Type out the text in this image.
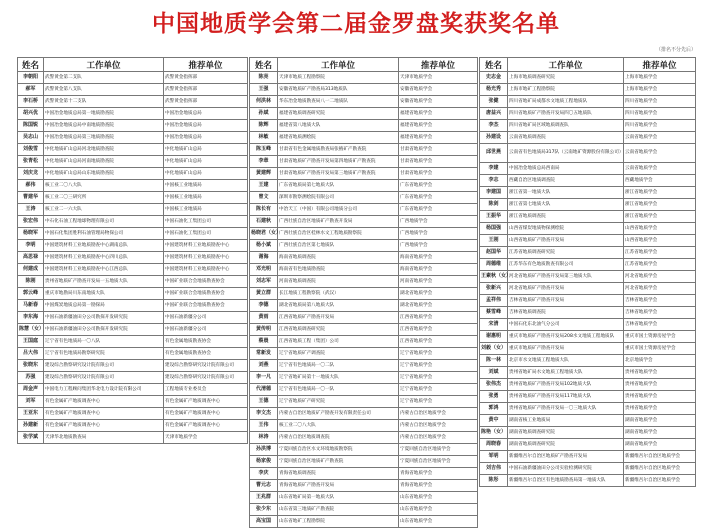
中国地质学会第二届金罗盘奖获奖名单
（排名不分先后）
姓名	工作单位	推荐单位
李朝阳	武警黄金第二支队	武警黄金指挥部
郝军	武警黄金第八支队	武警黄金指挥部
李石桥	武警黄金第十二支队	武警黄金指挥部
胡兴优	中国冶金地质总局第一地质勘查院	中国冶金地质总局
陈国锐	中国冶金地质总局中南地质勘查院	中国冶金地质总局
吴志山	中国冶金地质总局第三地质勘查院	中国冶金地质总局
刘俊雪	中化地质矿山总局河北地质勘查院	中化地质矿山总局
张青松	中化地质矿山总局河南地质勘查院	中化地质矿山总局
刘庆龙	中化地质矿山总局山东地质勘查院	中化地质矿山总局
郝伟	核工业二〇八大队	中国核工业地质局
曹建华	核工业二〇三研究所	中国核工业地质局
王涛	核工业二一六大队	中国核工业地质局
张宏伟	中石化石油工程地球物理有限公司	中国石油化工集团公司
杨晓军	中国石化集团胜利石油管理局物探公司	中国石油化工集团公司
李明	中国建筑材料工业地质勘查中心湖南总队	中国建筑材料工业地质勘查中心
高思禄	中国建筑材料工业地质勘查中心四川总队	中国建筑材料工业地质勘查中心
何建成	中国建筑材料工业地质勘查中心江西总队	中国建筑材料工业地质勘查中心
陈刚	贵州省地质矿产勘查开发局一五地质大队	中国矿业联合会地质勘查协会
郭云峰	重庆市地勘局川东南地质大队	中国矿业联合会地质勘查协会
马新春	中国煤炭地质总局第一勘探局	中国矿业联合会地质勘查协会
李东海	中国石油新疆油田分公司勘探开发研究院	中国石油新疆分公司
陈慧（女）	中国石油新疆油田分公司勘探开发研究院	中国石油新疆分公司
王国庭	辽宁省有色地质局一〇八队	有色金属地质勘查协会
吕大伟	辽宁省有色地质局勘察研究院	有色金属地质勘查协会
张晓东	建设综合勘察研究设计院有限公司	建设综合勘察研究设计院有限公司
苏强	建设综合勘察研究设计院有限公司	建设综合勘察研究设计院有限公司
周金声	中国电力工程顾问集团华北电力设计院有限公司	工程地质专业委员会
刘军	有色金属矿产地质调查中心	有色金属矿产地质调查中心
王亚东	有色金属矿产地质调查中心	有色金属矿产地质调查中心
孙建新	有色金属矿产地质调查中心	有色金属矿产地质调查中心
张学斌	天津华北地质勘查局	天津市地质学会
姓名	工作单位	推荐单位
陈亮	天津市地质工程勘察院	天津市地质学会
王强	安徽省地质矿产勘查局313地质队	安徽省地质学会
何洪林	华东冶金地质勘查局八一二地质队	安徽省地质学会
孙斌	福建省地质调查研究院	福建省地质学会
陈辉	福建省第八地质大队	福建省地质学会
林敏	福建省地质测绘院	福建省地质学会
陈玉峰	甘肃省有色金属地质勘查局张掖矿产勘查院	甘肃省地质学会
李章	甘肃省地质矿产勘查开发局第四地质矿产勘查院	甘肃省地质学会
黄建辉	甘肃省地质矿产勘查开发局第三地质矿产勘查院	甘肃省地质学会
王建	广东省地质局第七地质大队	广东省地质学会
曾文	深圳市勘察测绘院有限公司	广东省地质学会
陈长有	中冶天工（中国）有限公司地质分公司	广东省地质学会
石建秋	广西壮族自治区地质矿产勘查开发局	广西地质学会
杨晓君（女）	广西壮族自治区桂林水文工程地质勘察院	广西地质学会
杨小斌	广西壮族自治区第七地质队	广西地质学会
谢海	海南省地质调查院	海南省地质学会
邓光明	海南省有色地质勘查院	海南省地质学会
刘志军	河南省地质调查院	河南省地质学会
黄立群	长江地质工程勘察院（武汉）	湖北省地质学会
李德	湖北省地质局第八地质大队	湖北省地质学会
黄雨	江西省地质矿产勘查开发局	江西省地质学会
黄传明	江西省地质调查研究院	江西省地质学会
蔡晨	江西省地质工程（集团）公司	江西省地质学会
常新发	辽宁省地质矿产调查院	辽宁省地质学会
刘燕	辽宁省有色地质局一〇二队	辽宁省地质学会
李一凡	辽宁省地矿局第十一地质大队	辽宁省地质学会
代清德	辽宁省有色地质局一〇一队	辽宁省地质学会
王德	辽宁省地质矿产研究院	辽宁省地质学会
李文杰	内蒙古自治区地质矿产勘查开发有限责任公司	内蒙古自治区地质学会
王伟	核工业二〇八大队	内蒙古自治区地质学会
林涛	内蒙古自治区地质调查院	内蒙古自治区地质学会
孙洪博	宁夏回族自治区水文环境地质勘察院	宁夏回族自治区地质学会
杨家俊	宁夏回族自治区地质矿产勘查院	宁夏回族自治区地质学会
李庆	青海省地质调查院	青海省地质学会
曹元志	青海省地质矿产勘查开发局	青海省地质学会
王兆群	山东省地矿局第一地质大队	山东省地质学会
张少东	山东省第三地质矿产勘查院	山东省地质学会
高宝国	山东省地矿工程勘察院	山东省地质学会
姓名	工作单位	推荐单位
史志金	上海市地质调查研究院	上海市地质学会
杨光秀	上海市地矿工程勘察院	上海市地质学会
张健	四川省地矿局成都水文地质工程地质队	四川省地质学会
唐益兴	四川省地质矿产勘查开发局四〇五地质队	四川省地质学会
李杰	四川省地矿局区域地质调查队	四川省地质学会
孙建设	云南省地质调查院	云南省地质学会
邱世燕	云南省有色地质局317队（云南地矿资源股份有限公司）	云南省地质学会
李建	中国冶金地质总局西南局	云南省地质学会
李志	西藏自治区地质调查院	西藏地质学会
李建国	浙江省第一地质大队	浙江省地质学会
陈剑	浙江省第七地质大队	浙江省地质学会
王振华	浙江省地质调查院	浙江省地质学会
杨国强	山西省煤炭地质物探测绘院	山西省地质学会
王刚	山西省地质矿产勘查开发局	山西省地质学会
赵国华	江苏省地质调查研究院	江苏省地质学会
周德维	江苏华东有色地质勘查有限公司	江苏省地质学会
王素秋（女）	河北省地质矿产勘查开发局第三地质大队	河北省地质学会
张新兴	河北省地质矿产勘查开发局	河北省地质学会
孟祥伟	吉林省地质矿产勘查开发局	吉林省地质学会
蔡雪峰	吉林省地质调查院	吉林省地质学会
宋清	中国石化东北油气分公司	吉林省地质学会
谢惠明	重庆市地质矿产勘查开发局208水文地质工程地质队	重庆市国土资源房屋学会
刘毅（女）	重庆市地质矿产勘查开发局	重庆市国土资源房屋学会
陈一林	北京市水文地质工程地质大队	北京地质学会
刘斌	贵州省地矿局水文地质工程地质大队	贵州省地质学会
张伟杰	贵州省地质矿产勘查开发局102地质大队	贵州省地质学会
张勇	贵州省地质矿产勘查开发局117地质大队	贵州省地质学会
郭鸿	贵州省地质矿产勘查开发局一〇三地质大队	贵州省地质学会
黄中	湖南省核工业地质局	湖南省地质学会
陈艳（女）	湖南省地质调查研究院	湖南省地质学会
周晓春	湖南省地质调查研究院	湖南省地质学会
邹明	新疆维吾尔自治区地质矿产勘查开发局	新疆维吾尔自治区地质学会
刘吉伟	中国石油新疆油田分公司实验检测研究院	新疆维吾尔自治区地质学会
陈彤	新疆维吾尔自治区有色地质勘查局第一地质大队	新疆维吾尔自治区地质学会
